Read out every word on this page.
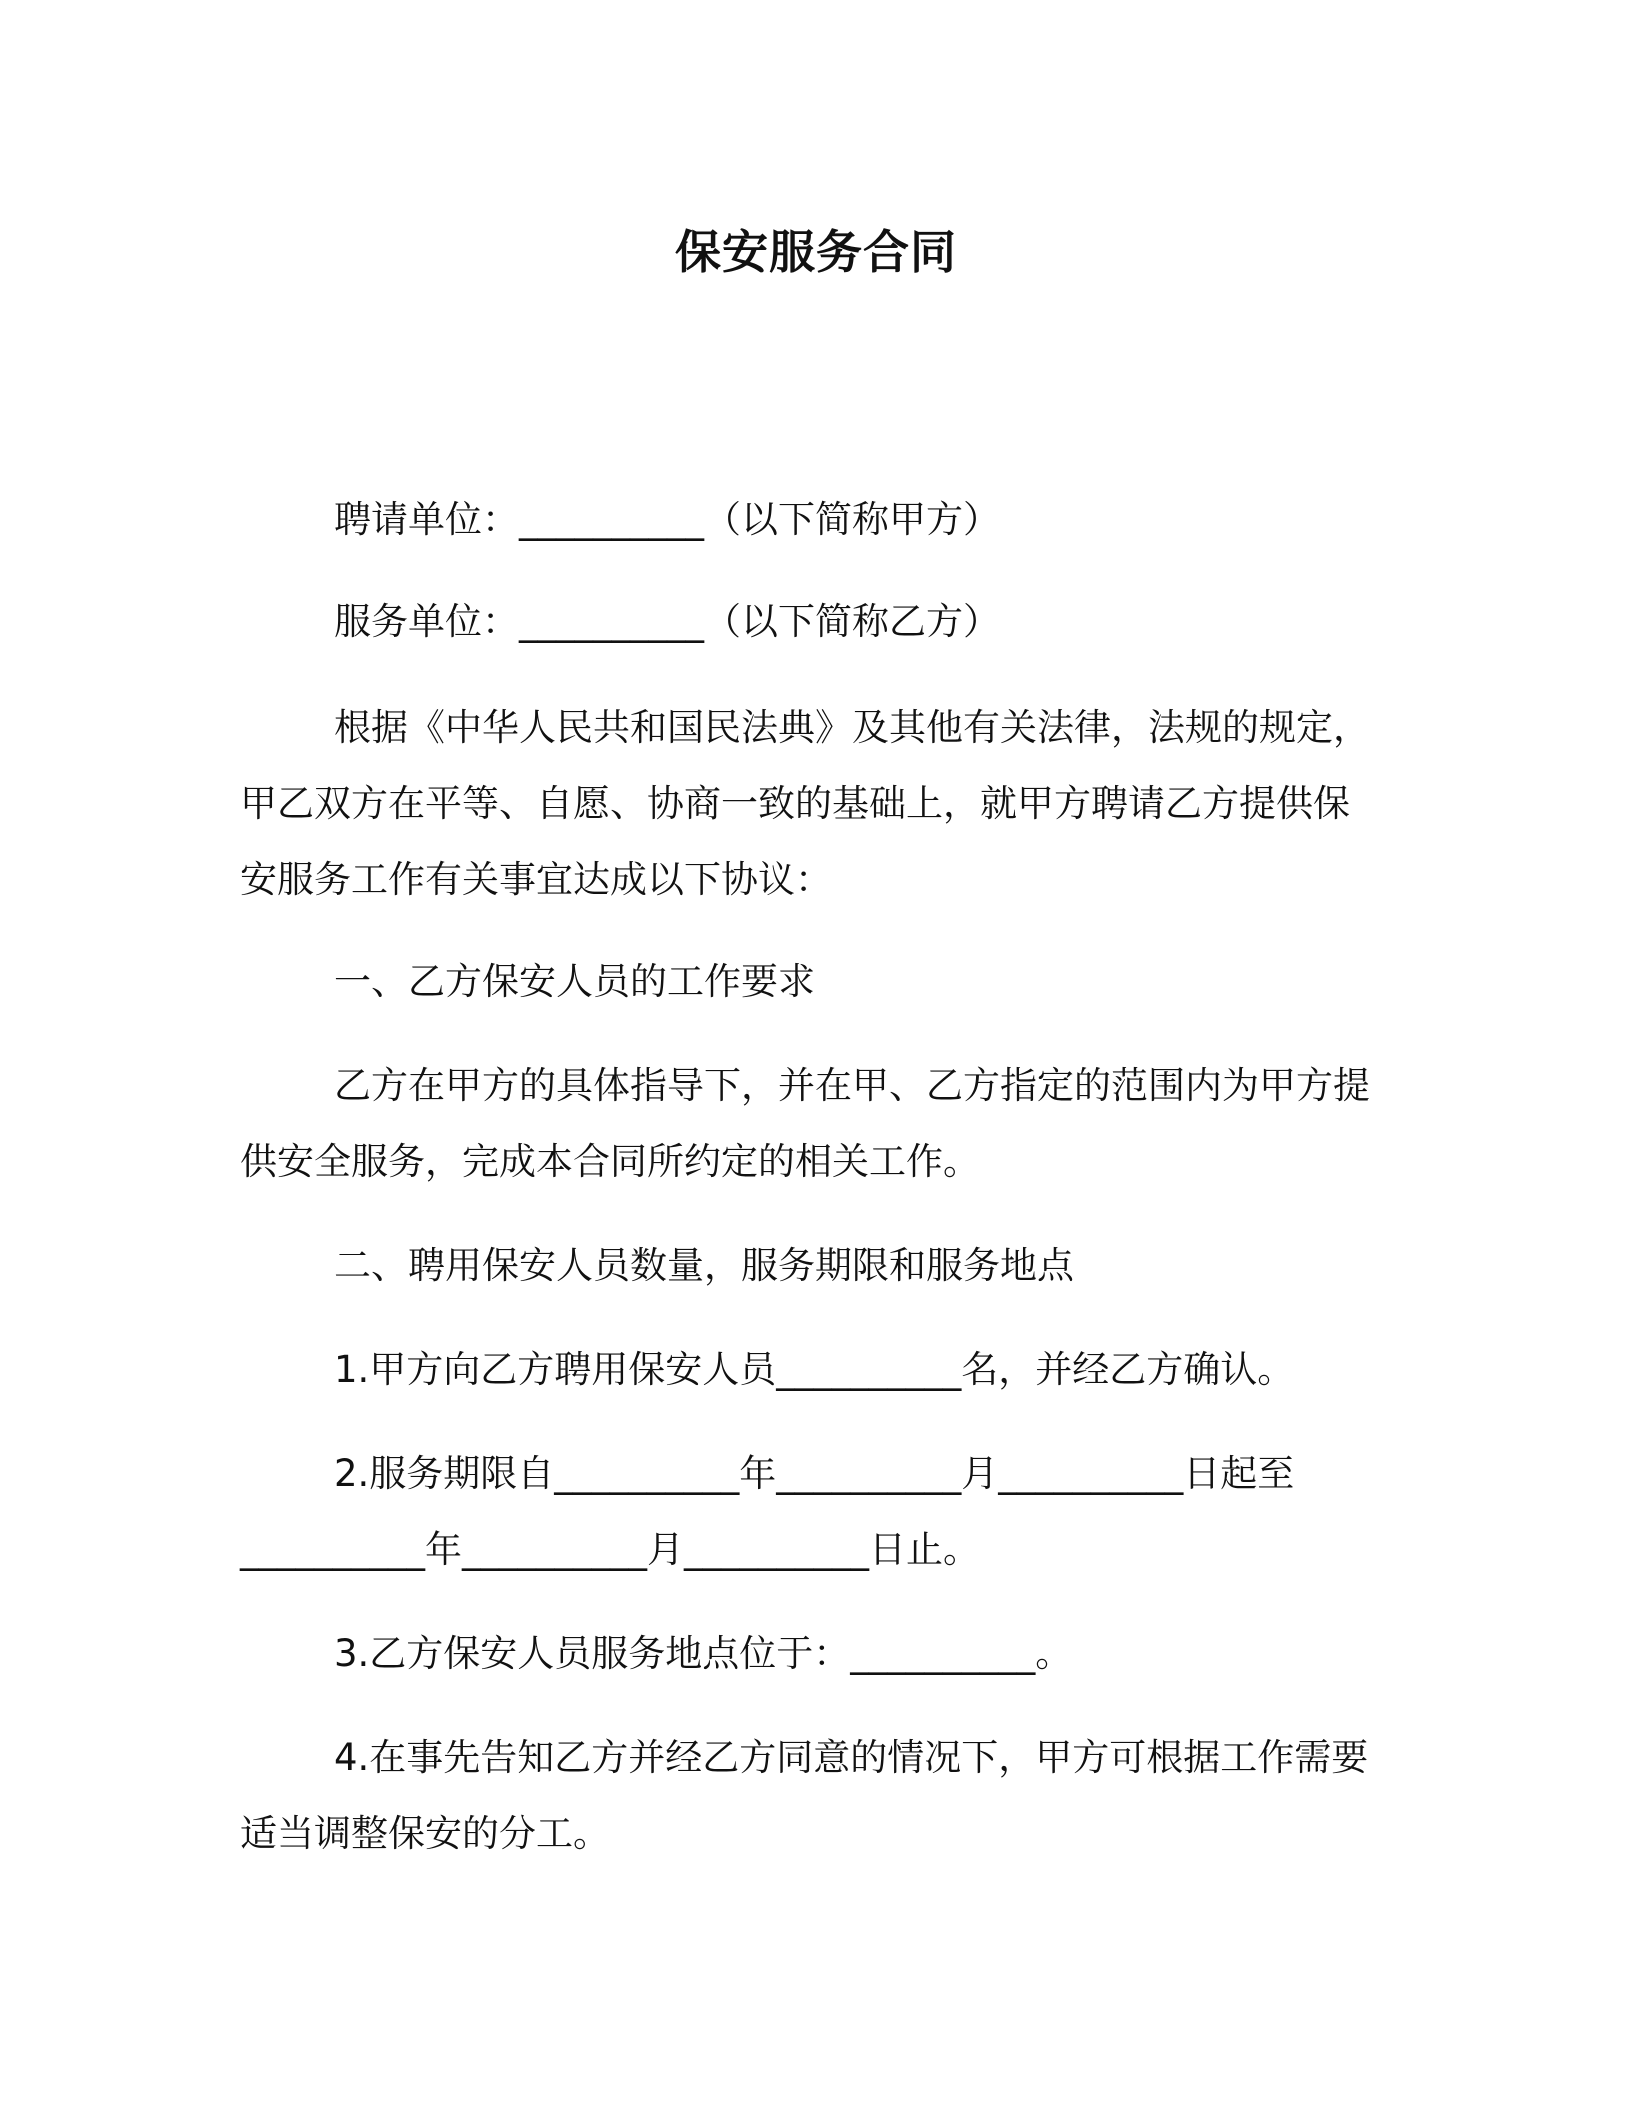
保安服务合同
聘请单位：__________（以下简称甲方）
服务单位：__________（以下简称乙方）
根据《中华人民共和国民法典》及其他有关法律，法规的规定，
甲乙双方在平等、自愿、协商一致的基础上，就甲方聘请乙方提供保
安服务工作有关事宜达成以下协议：
一、乙方保安人员的工作要求
乙方在甲方的具体指导下，并在甲、乙方指定的范围内为甲方提
供安全服务，完成本合同所约定的相关工作。
二、聘用保安人员数量，服务期限和服务地点
1.甲方向乙方聘用保安人员__________名，并经乙方确认。
2.服务期限自__________年__________月__________日起至
__________年__________月__________日止。
3.乙方保安人员服务地点位于：__________。
4.在事先告知乙方并经乙方同意的情况下，甲方可根据工作需要
适当调整保安的分工。
